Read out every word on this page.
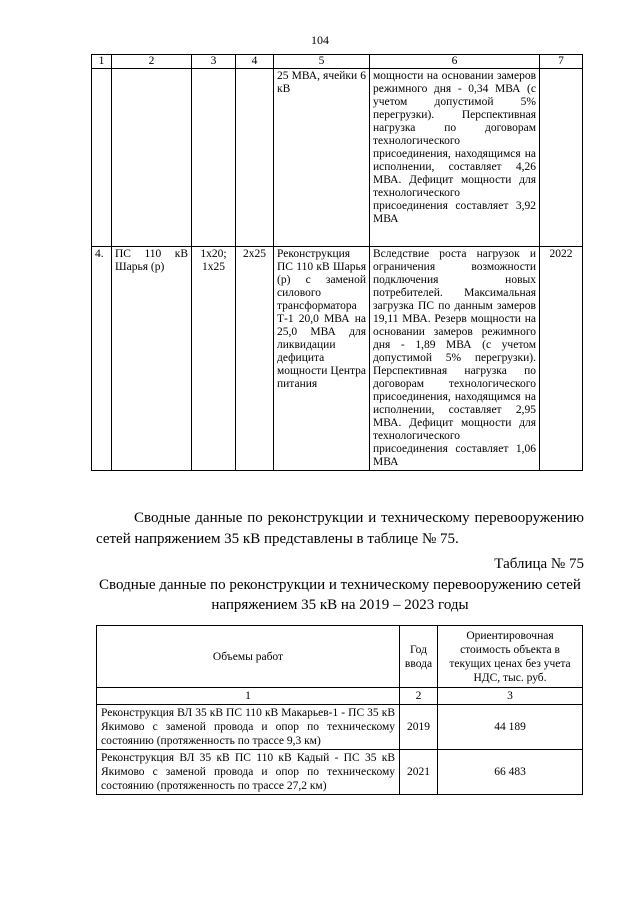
104
1	2	3	4	5	6	7
				25 МВА, ячейки 6 кВ	мощности на основании замеров режимного дня - 0,34 МВА (с учетом допустимой 5% перегрузки). Перспективная нагрузка по договорам технологического присоединения, находящимся на исполнении, составляет 4,26 МВА. Дефицит мощности для технологического присоединения составляет 3,92 МВА	
4.	ПС 110 кВ Шарья (р)	1х20; 1х25	2х25	Реконструкция ПС 110 кВ Шарья (р) с заменой силового трансформатора Т-1 20,0 МВА на 25,0 МВА для ликвидации дефицита мощности Центра питания	Вследствие роста нагрузок и ограничения возможности подключения новых потребителей. Максимальная загрузка ПС по данным замеров 19,11 МВА. Резерв мощности на основании замеров режимного дня - 1,89 МВА (с учетом допустимой 5% перегрузки). Перспективная нагрузка по договорам технологического присоединения, находящимся на исполнении, составляет 2,95 МВА. Дефицит мощности для технологического присоединения составляет 1,06 МВА	2022
Сводные данные по реконструкции и техническому перевооружению сетей напряжением 35 кВ представлены в таблице № 75.
Таблица № 75
Сводные данные по реконструкции и техническому перевооружению сетей напряжением 35 кВ на 2019 – 2023 годы
Объемы работ	Год ввода	Ориентировочная стоимость объекта в текущих ценах без учета НДС, тыс. руб.
1	2	3
Реконструкция ВЛ 35 кВ ПС 110 кВ Макарьев-1 - ПС 35 кВ Якимово с заменой провода и опор по техническому состоянию (протяженность по трассе 9,3 км)	2019	44 189
Реконструкция ВЛ 35 кВ ПС 110 кВ Кадый - ПС 35 кВ Якимово с заменой провода и опор по техническому состоянию (протяженность по трассе 27,2 км)	2021	66 483
